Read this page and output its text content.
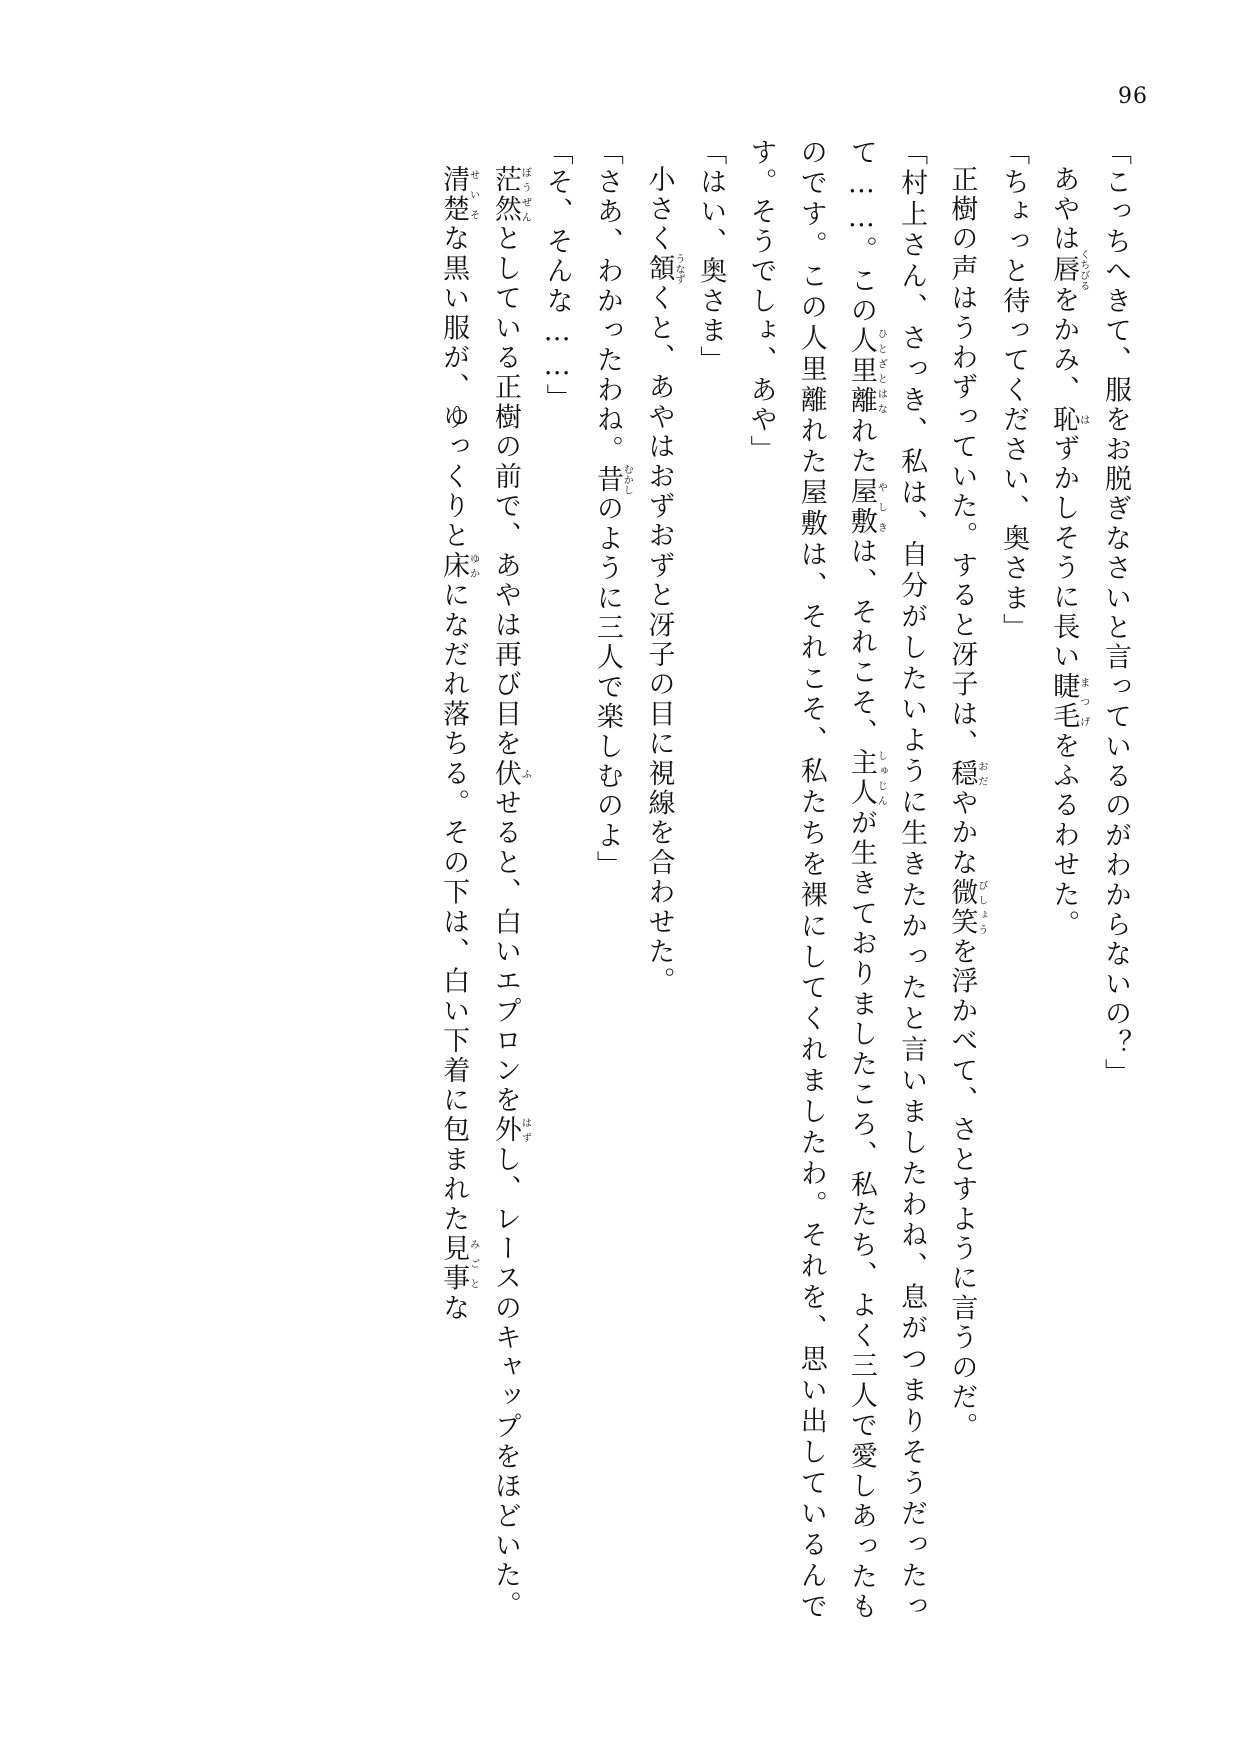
96

「こっちへきて、服をお脱ぎなさいと言っているのがわからないの？」

あやは唇くちびるをかみ、恥はずかしそうに長い睫毛まつげをふるわせた。

「ちょっと待ってください、奥さま」

正樹の声はうわずっていた。すると冴子は、穏おだやかな微笑びしょうを浮かべて、さとすように言うのだ。

「村上さん、さっき、私は、自分がしたいように生きたかったと言いましたわね、息がつまりそうだったって……。この人里離ひとざとはなれた屋敷やしきは、それこそ、主人しゅじんが生きておりましたころ、私たち、よく三人で愛しあったものです。この人里離れた屋敷は、それこそ、私たちを裸にしてくれましたわ。それを、思い出しているんです。そうでしょ、あや」

「はい、奥さま」

小さく頷うなずくと、あやはおずおずと冴子の目に視線を合わせた。

「さあ、わかったわね。昔むかしのように三人で楽しむのよ」

「そ、そんな……」

茫然ぼうぜんとしている正樹の前で、あやは再び目を伏ふせると、白いエプロンを外はずし、レースのキャップをほどいた。

清楚せいそな黒い服が、ゆっくりと床ゆかになだれ落ちる。その下は、白い下着に包まれた見事みごとな
